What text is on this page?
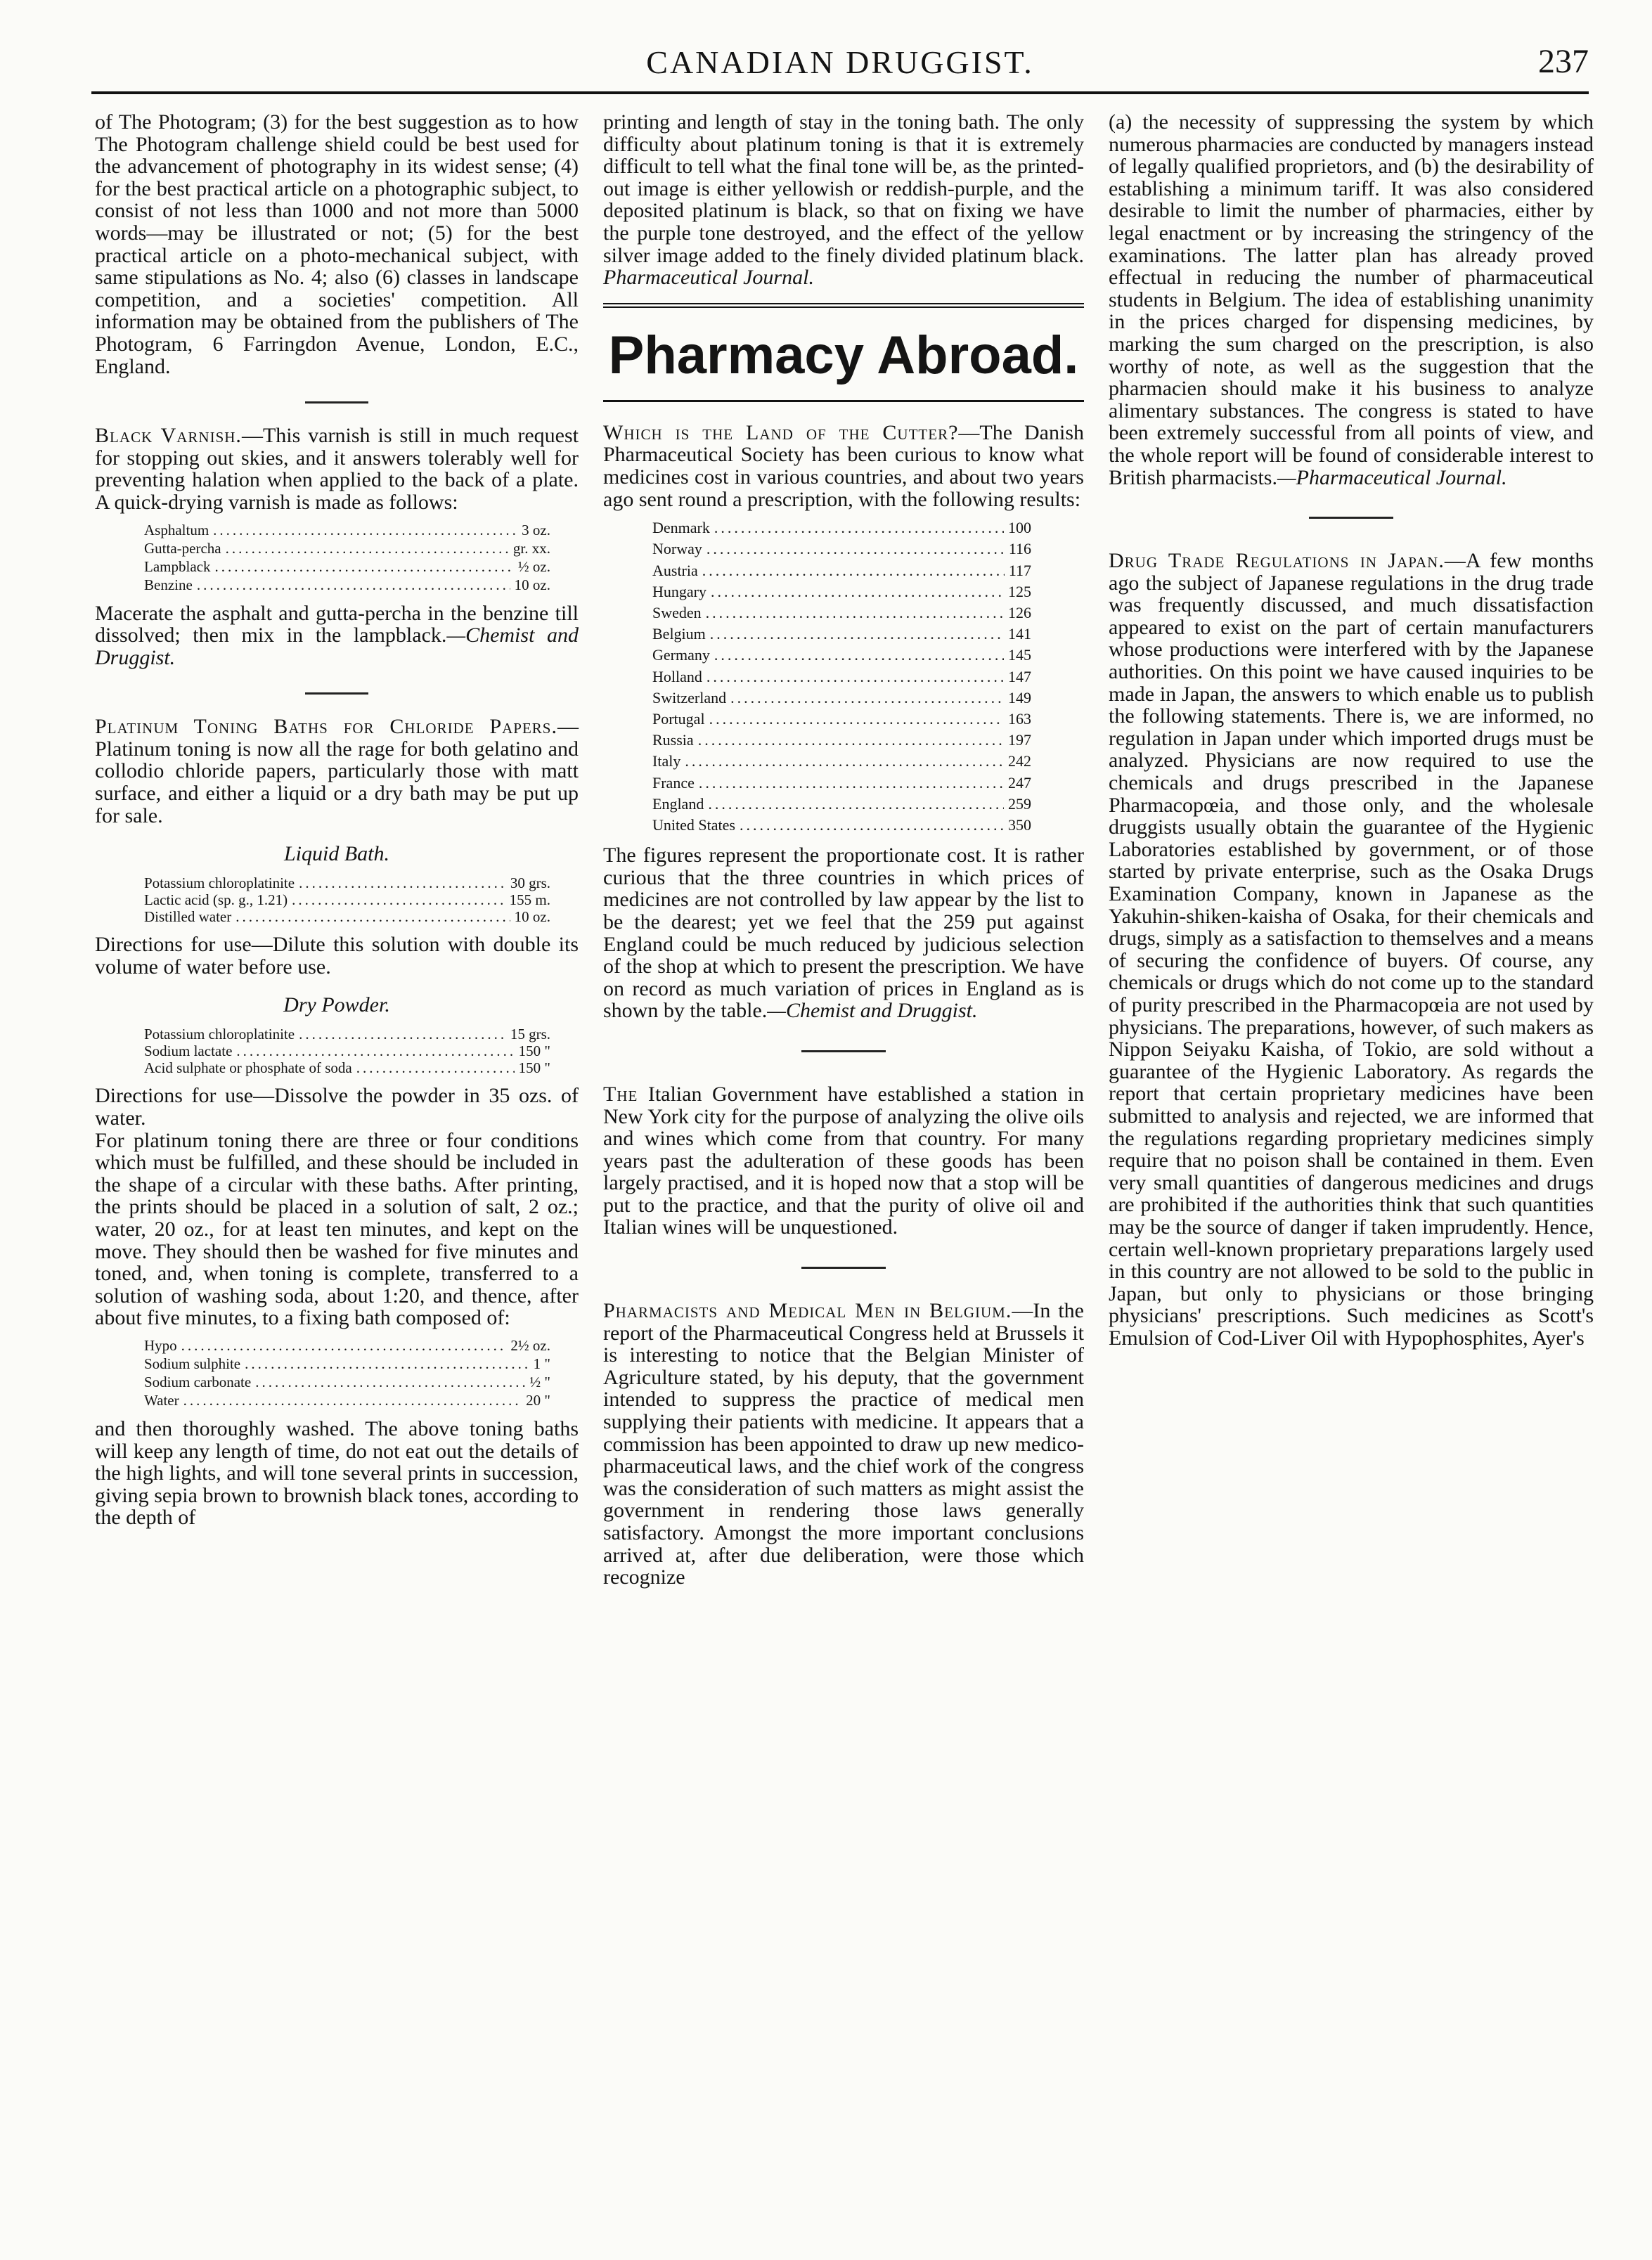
CANADIAN DRUGGIST.	237

of The Photogram; (3) for the best suggestion as to how The Photogram challenge shield could be best used for the advancement of photography in its widest sense; (4) for the best practical article on a photographic subject, to consist of not less than 1000 and not more than 5000 words—may be illustrated or not; (5) for the best practical article on a photo-mechanical subject, with same stipulations as No. 4; also (6) classes in landscape competition, and a societies' competition. All information may be obtained from the publishers of The Photogram, 6 Farringdon Avenue, London, E.C., England.

Black Varnish.—This varnish is still in much request for stopping out skies, and it answers tolerably well for preventing halation when applied to the back of a plate. A quick-drying varnish is made as follows:

Asphaltum .....	3 oz.
Gutta-percha .....	gr. xx.
Lampblack .....	½ oz.
Benzine .....	10 oz.

Macerate the asphalt and gutta-percha in the benzine till dissolved; then mix in the lampblack.—Chemist and Druggist.

Platinum Toning Baths for Chloride Papers.—Platinum toning is now all the rage for both gelatino and collodio chloride papers, particularly those with matt surface, and either a liquid or a dry bath may be put up for sale.

Liquid Bath.
Potassium chloroplatinite .....	30 grs.
Lactic acid (sp. g., 1.21) .....	155 m.
Distilled water .....	10 oz.

Directions for use—Dilute this solution with double its volume of water before use.

Dry Powder.
Potassium chloroplatinite .....	15 grs.
Sodium lactate .....	150 "
Acid sulphate or phosphate of soda .....	150 "

Directions for use—Dissolve the powder in 35 ozs. of water.

For platinum toning there are three or four conditions which must be fulfilled, and these should be included in the shape of a circular with these baths. After printing, the prints should be placed in a solution of salt, 2 oz.; water, 20 oz., for at least ten minutes, and kept on the move. They should then be washed for five minutes and toned, and, when toning is complete, transferred to a solution of washing soda, about 1:20, and thence, after about five minutes, to a fixing bath composed of:

Hypo .....	2½ oz.
Sodium sulphite .....	1 "
Sodium carbonate .....	½ "
Water .....	20 "

and then thoroughly washed. The above toning baths will keep any length of time, do not eat out the details of the high lights, and will tone several prints in succession, giving sepia brown to brownish black tones, according to the depth of

printing and length of stay in the toning bath. The only difficulty about platinum toning is that it is extremely difficult to tell what the final tone will be, as the printed-out image is either yellowish or reddish-purple, and the deposited platinum is black, so that on fixing we have the purple tone destroyed, and the effect of the yellow silver image added to the finely divided platinum black. Pharmaceutical Journal.

Pharmacy Abroad.

Which is the Land of the Cutter?—The Danish Pharmaceutical Society has been curious to know what medicines cost in various countries, and about two years ago sent round a prescription, with the following results:

Denmark .....	100
Norway .....	116
Austria .....	117
Hungary .....	125
Sweden .....	126
Belgium .....	141
Germany .....	145
Holland .....	147
Switzerland .....	149
Portugal .....	163
Russia .....	197
Italy .....	242
France .....	247
England .....	259
United States .....	350

The figures represent the proportionate cost. It is rather curious that the three countries in which prices of medicines are not controlled by law appear by the list to be the dearest; yet we feel that the 259 put against England could be much reduced by judicious selection of the shop at which to present the prescription. We have on record as much variation of prices in England as is shown by the table.—Chemist and Druggist.

The Italian Government have established a station in New York city for the purpose of analyzing the olive oils and wines which come from that country. For many years past the adulteration of these goods has been largely practised, and it is hoped now that a stop will be put to the practice, and that the purity of olive oil and Italian wines will be unquestioned.

Pharmacists and Medical Men in Belgium.—In the report of the Pharmaceutical Congress held at Brussels it is interesting to notice that the Belgian Minister of Agriculture stated, by his deputy, that the government intended to suppress the practice of medical men supplying their patients with medicine. It appears that a commission has been appointed to draw up new medico-pharmaceutical laws, and the chief work of the congress was the consideration of such matters as might assist the government in rendering those laws generally satisfactory. Amongst the more important conclusions arrived at, after due deliberation, were those which recognize

(a) the necessity of suppressing the system by which numerous pharmacies are conducted by managers instead of legally qualified proprietors, and (b) the desirability of establishing a minimum tariff. It was also considered desirable to limit the number of pharmacies, either by legal enactment or by increasing the stringency of the examinations. The latter plan has already proved effectual in reducing the number of pharmaceutical students in Belgium. The idea of establishing unanimity in the prices charged for dispensing medicines, by marking the sum charged on the prescription, is also worthy of note, as well as the suggestion that the pharmacien should make it his business to analyze alimentary substances. The congress is stated to have been extremely successful from all points of view, and the whole report will be found of considerable interest to British pharmacists.—Pharmaceutical Journal.

Drug Trade Regulations in Japan.—A few months ago the subject of Japanese regulations in the drug trade was frequently discussed, and much dissatisfaction appeared to exist on the part of certain manufacturers whose productions were interfered with by the Japanese authorities. On this point we have caused inquiries to be made in Japan, the answers to which enable us to publish the following statements. There is, we are informed, no regulation in Japan under which imported drugs must be analyzed. Physicians are now required to use the chemicals and drugs prescribed in the Japanese Pharmacopœia, and those only, and the wholesale druggists usually obtain the guarantee of the Hygienic Laboratories established by government, or of those started by private enterprise, such as the Osaka Drugs Examination Company, known in Japanese as the Yakuhin-shiken-kaisha of Osaka, for their chemicals and drugs, simply as a satisfaction to themselves and a means of securing the confidence of buyers. Of course, any chemicals or drugs which do not come up to the standard of purity prescribed in the Pharmacopœia are not used by physicians. The preparations, however, of such makers as Nippon Seiyaku Kaisha, of Tokio, are sold without a guarantee of the Hygienic Laboratory. As regards the report that certain proprietary medicines have been submitted to analysis and rejected, we are informed that the regulations regarding proprietary medicines simply require that no poison shall be contained in them. Even very small quantities of dangerous medicines and drugs are prohibited if the authorities think that such quantities may be the source of danger if taken imprudently. Hence, certain well-known proprietary preparations largely used in this country are not allowed to be sold to the public in Japan, but only to physicians or those bringing physicians' prescriptions. Such medicines as Scott's Emulsion of Cod-Liver Oil with Hypophosphites, Ayer's
